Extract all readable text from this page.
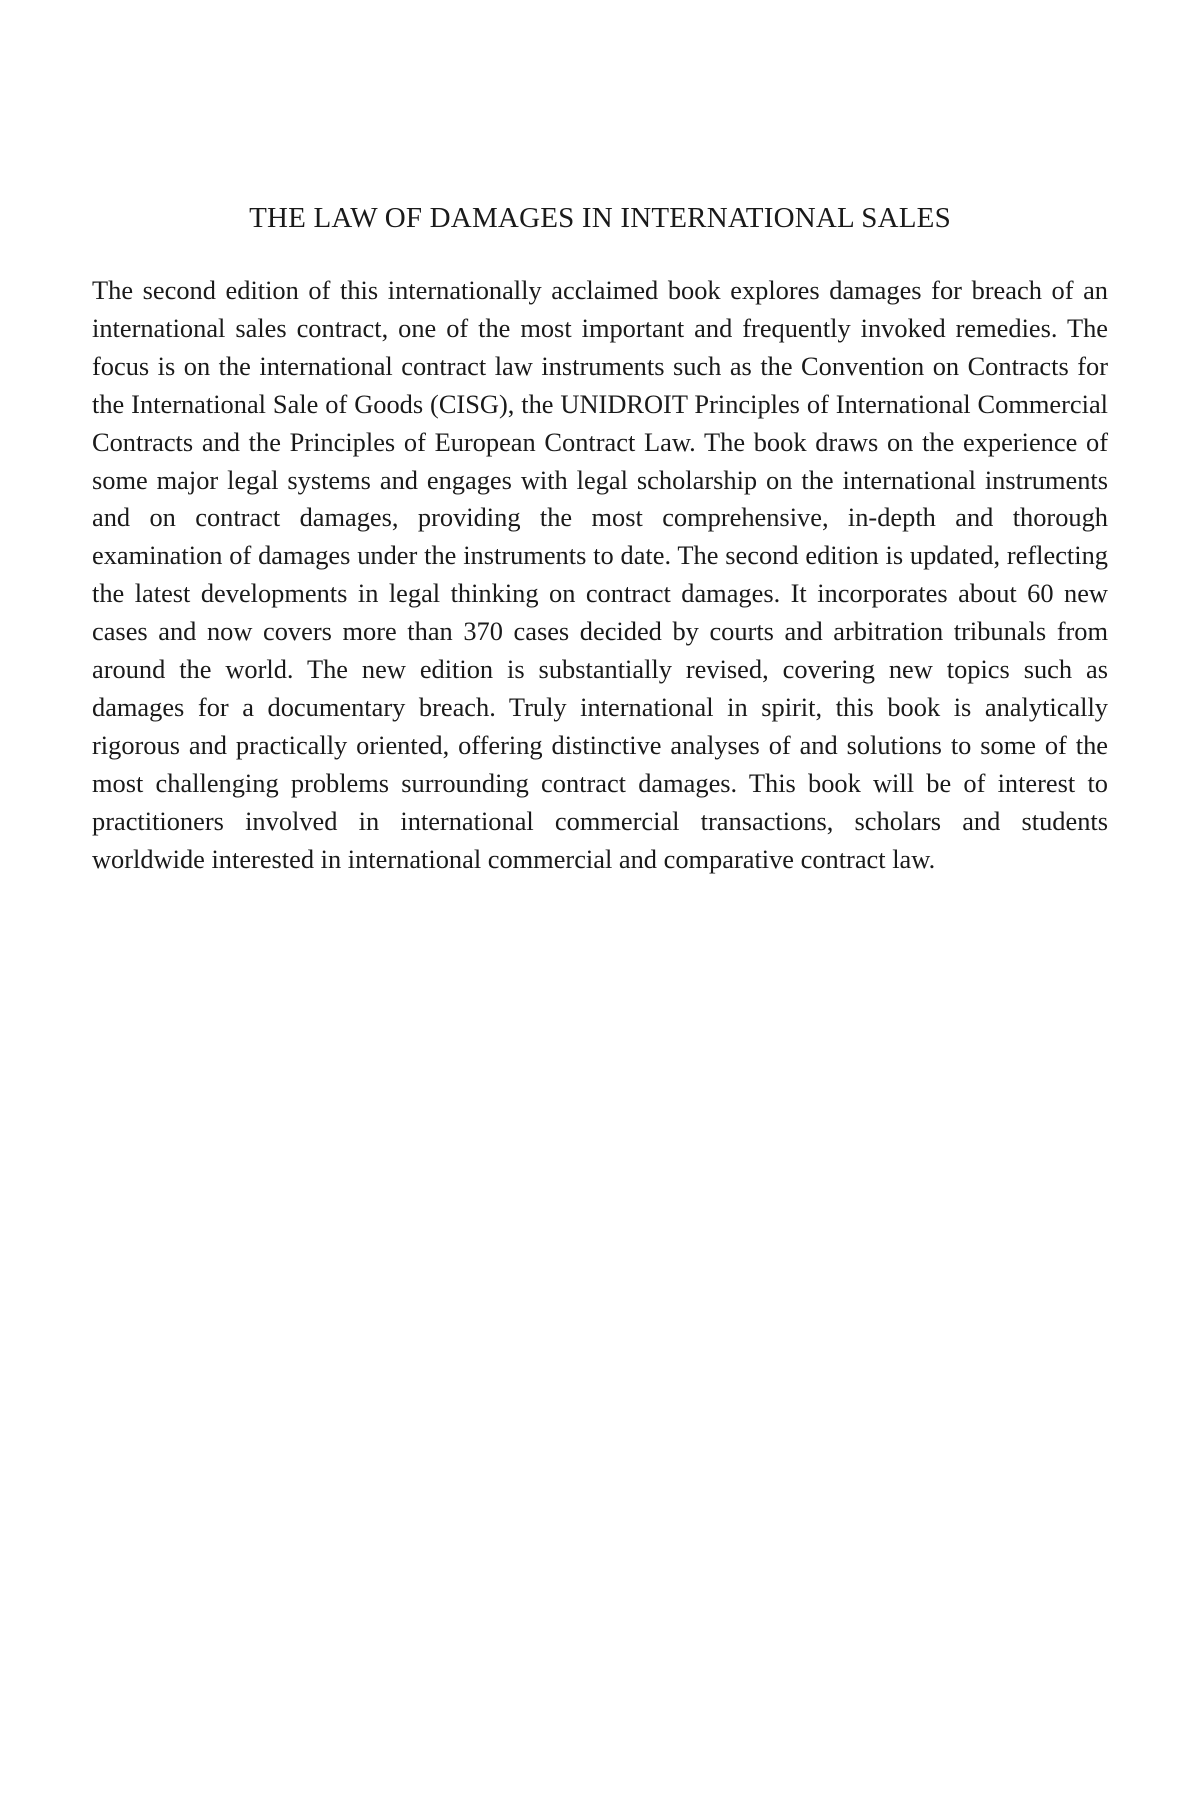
THE LAW OF DAMAGES IN INTERNATIONAL SALES

The second edition of this internationally acclaimed book explores damages for breach of an international sales contract, one of the most important and frequently invoked remedies. The focus is on the international contract law instruments such as the Convention on Contracts for the International Sale of Goods (CISG), the UNIDROIT Principles of International Commercial Contracts and the Principles of European Contract Law. The book draws on the experience of some major legal systems and engages with legal scholarship on the international instruments and on contract damages, providing the most comprehensive, in-depth and thorough examination of damages under the instruments to date. The second edition is updated, reflecting the latest developments in legal thinking on contract damages. It incorporates about 60 new cases and now covers more than 370 cases decided by courts and arbitration tribunals from around the world. The new edition is substantially revised, covering new topics such as damages for a documentary breach. Truly international in spirit, this book is analytically rigorous and practically oriented, offering distinctive analyses of and solutions to some of the most challenging problems surrounding contract damages. This book will be of interest to practitioners involved in international commercial transactions, scholars and students worldwide interested in international commercial and comparative contract law.
